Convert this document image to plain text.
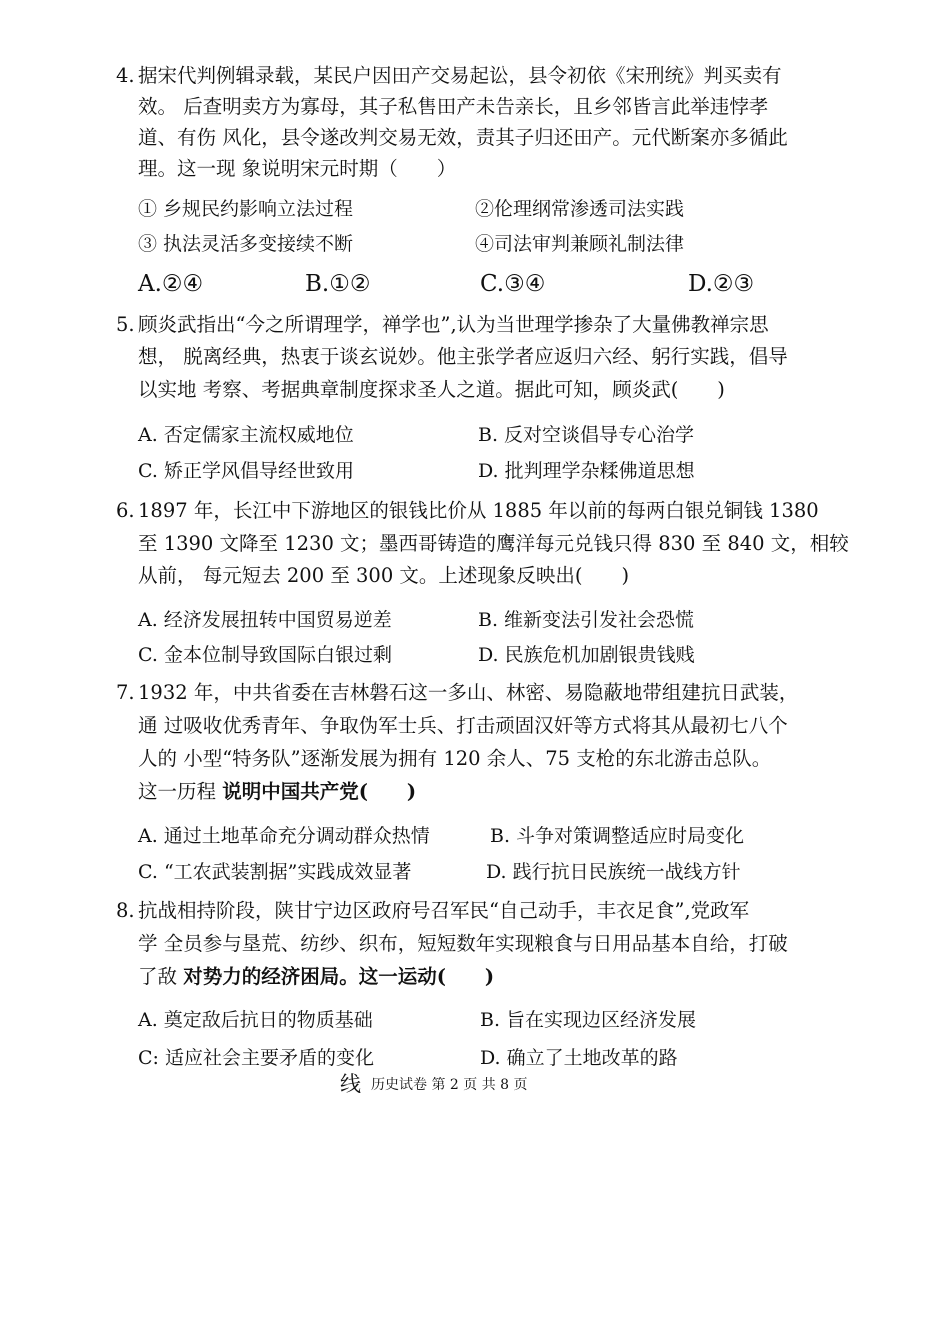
4. 据宋代判例辑录载，某民户因田产交易起讼，县令初依《宋刑统》判买卖有
效。 后查明卖方为寡母，其子私售田产未告亲长，且乡邻皆言此举违悖孝
道、有伤 风化，县令遂改判交易无效，责其子归还田产。元代断案亦多循此
理。这一现 象说明宋元时期（　　）
① 乡规民约影响立法过程	②伦理纲常渗透司法实践
③ 执法灵活多变接续不断	④司法审判兼顾礼制法律
A.②④	B.①②	C.③④	D.②③
5. 顾炎武指出“今之所谓理学，禅学也”,认为当世理学掺杂了大量佛教禅宗思
想， 脱离经典，热衷于谈玄说妙。他主张学者应返归六经、躬行实践，倡导
以实地 考察、考据典章制度探求圣人之道。据此可知，顾炎武(　　)
A. 否定儒家主流权威地位	B. 反对空谈倡导专心治学
C. 矫正学风倡导经世致用	D. 批判理学杂糅佛道思想
6. 1897 年，长江中下游地区的银钱比价从 1885 年以前的每两白银兑铜钱 1380
至 1390 文降至 1230 文；墨西哥铸造的鹰洋每元兑钱只得 830 至 840 文，相较
从前， 每元短去 200 至 300 文。上述现象反映出(　　)
A. 经济发展扭转中国贸易逆差	B. 维新变法引发社会恐慌
C. 金本位制导致国际白银过剩	D. 民族危机加剧银贵钱贱
7. 1932 年，中共省委在吉林磐石这一多山、林密、易隐蔽地带组建抗日武装，
通 过吸收优秀青年、争取伪军士兵、打击顽固汉奸等方式将其从最初七八个
人的 小型“特务队”逐渐发展为拥有 120 余人、75 支枪的东北游击总队。
这一历程 说明中国共产党(　　)
A. 通过土地革命充分调动群众热情	B. 斗争对策调整适应时局变化
C. “工农武装割据”实践成效显著	D. 践行抗日民族统一战线方针
8. 抗战相持阶段，陕甘宁边区政府号召军民“自己动手，丰衣足食”,党政军
学 全员参与垦荒、纺纱、织布，短短数年实现粮食与日用品基本自给，打破
了敌 对势力的经济困局。这一运动(　　)
A. 奠定敌后抗日的物质基础	B. 旨在实现边区经济发展
C: 适应社会主要矛盾的变化	D. 确立了土地改革的路
线历史试卷 第 2 页 共 8 页
